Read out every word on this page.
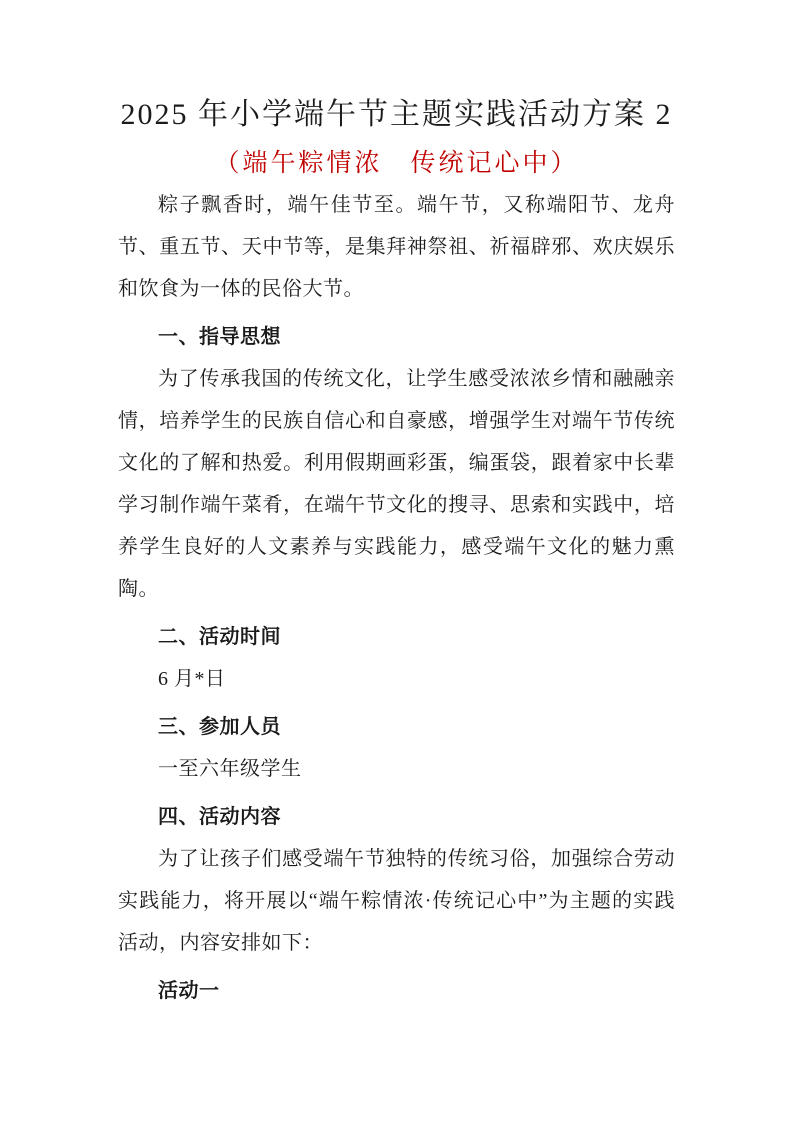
2025 年小学端午节主题实践活动方案 2
（端午粽情浓　传统记心中）

粽子飘香时，端午佳节至。端午节，又称端阳节、龙舟节、重五节、天中节等，是集拜神祭祖、祈福辟邪、欢庆娱乐和饮食为一体的民俗大节。

一、指导思想

为了传承我国的传统文化，让学生感受浓浓乡情和融融亲情，培养学生的民族自信心和自豪感，增强学生对端午节传统文化的了解和热爱。利用假期画彩蛋，编蛋袋，跟着家中长辈学习制作端午菜肴，在端午节文化的搜寻、思索和实践中，培养学生良好的人文素养与实践能力，感受端午文化的魅力熏陶。

二、活动时间

6 月*日

三、参加人员

一至六年级学生

四、活动内容

为了让孩子们感受端午节独特的传统习俗，加强综合劳动实践能力，将开展以“端午粽情浓·传统记心中”为主题的实践活动，内容安排如下：

活动一
